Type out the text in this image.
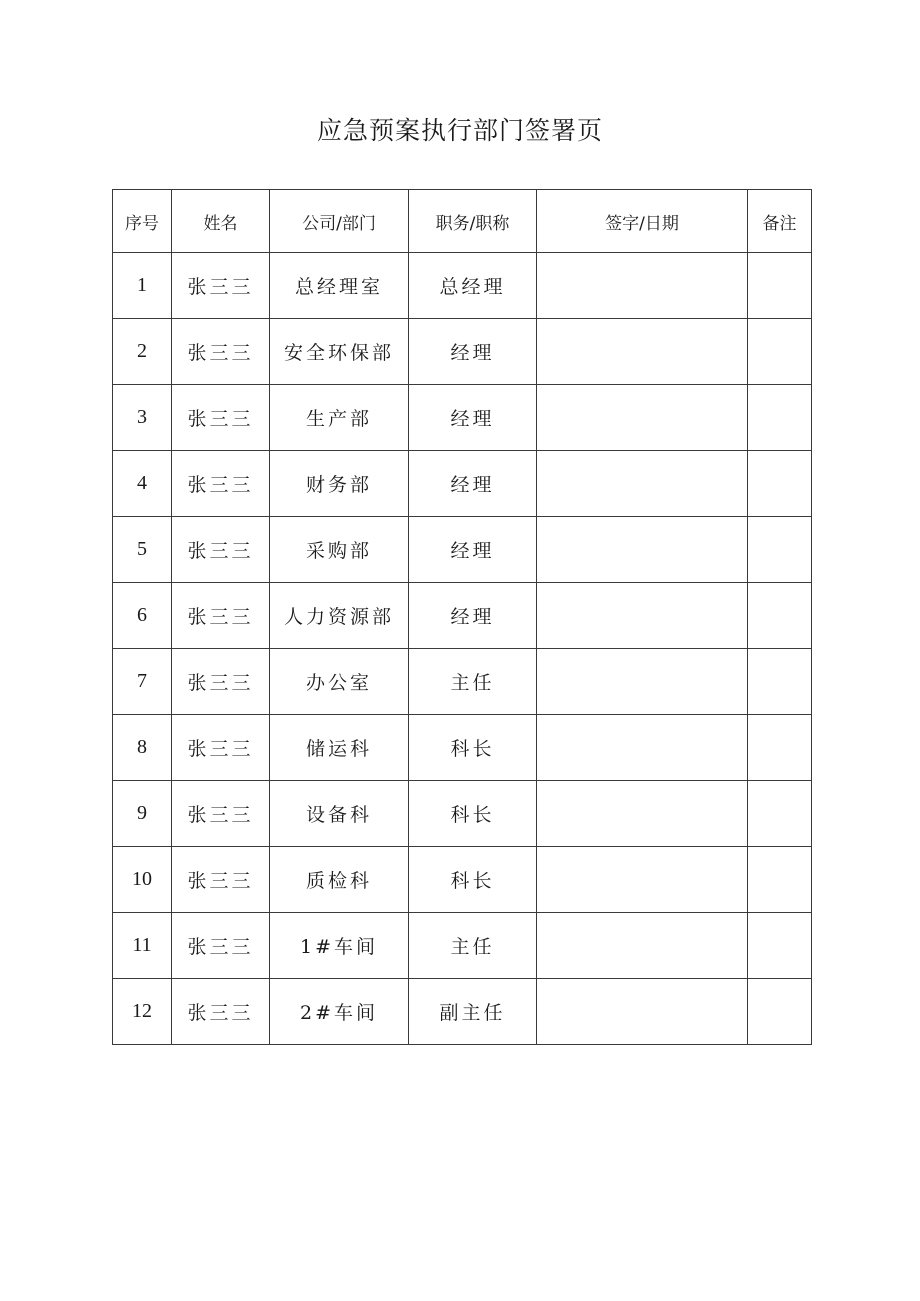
应急预案执行部门签署页
序号	姓名	公司/部门	职务/职称	签字/日期	备注
1	张三三	总经理室	总经理		
2	张三三	安全环保部	经理		
3	张三三	生产部	经理		
4	张三三	财务部	经理		
5	张三三	采购部	经理		
6	张三三	人力资源部	经理		
7	张三三	办公室	主任		
8	张三三	储运科	科长		
9	张三三	设备科	科长		
10	张三三	质检科	科长		
11	张三三	1#车间	主任		
12	张三三	2#车间	副主任		
